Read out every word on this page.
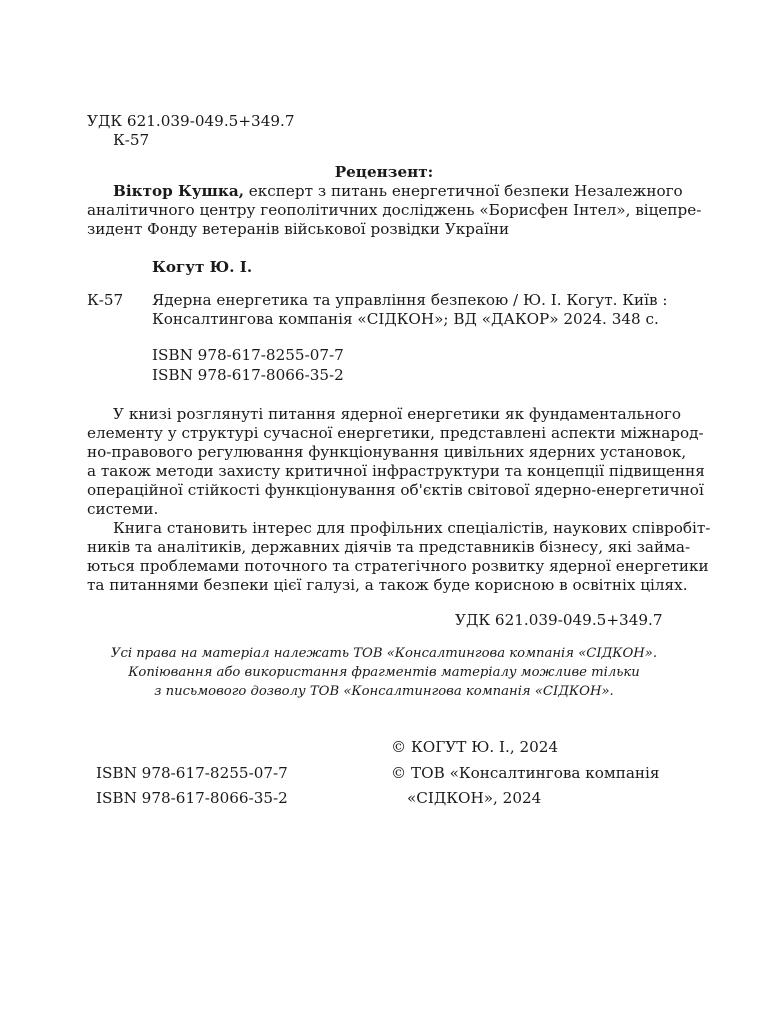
УДК 621.039-049.5+349.7
К-57
Рецензент:
Віктор Кушка, експерт з питань енергетичної безпеки Незалежного
аналітичного центру геополітичних досліджень «Борисфен Інтел», віцепре-
зидент Фонду ветеранів військової розвідки України
Когут Ю. І.
К-57 Ядерна енергетика та управління безпекою / Ю. І. Когут. Київ :
Консалтингова компанія «СІДКОН»; ВД «ДАКОР» 2024. 348 с.
ISBN 978-617-8255-07-7
ISBN 978-617-8066-35-2
У книзі розглянуті питання ядерної енергетики як фундаментального
елементу у структурі сучасної енергетики, представлені аспекти міжнарод-
но-правового регулювання функціонування цивільних ядерних установок,
а також методи захисту критичної інфраструктури та концепції підвищення
операційної стійкості функціонування об'єктів світової ядерно-енергетичної
системи.
Книга становить інтерес для профільних спеціалістів, наукових співробіт-
ників та аналітиків, державних діячів та представників бізнесу, які займа-
ються проблемами поточного та стратегічного розвитку ядерної енергетики
та питаннями безпеки цієї галузі, а також буде корисною в освітніх цілях.
УДК 621.039-049.5+349.7
Усі права на матеріал належать ТОВ «Консалтингова компанія «СІДКОН».
Копіювання або використання фрагментів матеріалу можливе тільки
з письмового дозволу ТОВ «Консалтингова компанія «СІДКОН».
© КОГУТ Ю. І., 2024
© ТОВ «Консалтингова компанія
«СІДКОН», 2024
ISBN 978-617-8255-07-7
ISBN 978-617-8066-35-2
